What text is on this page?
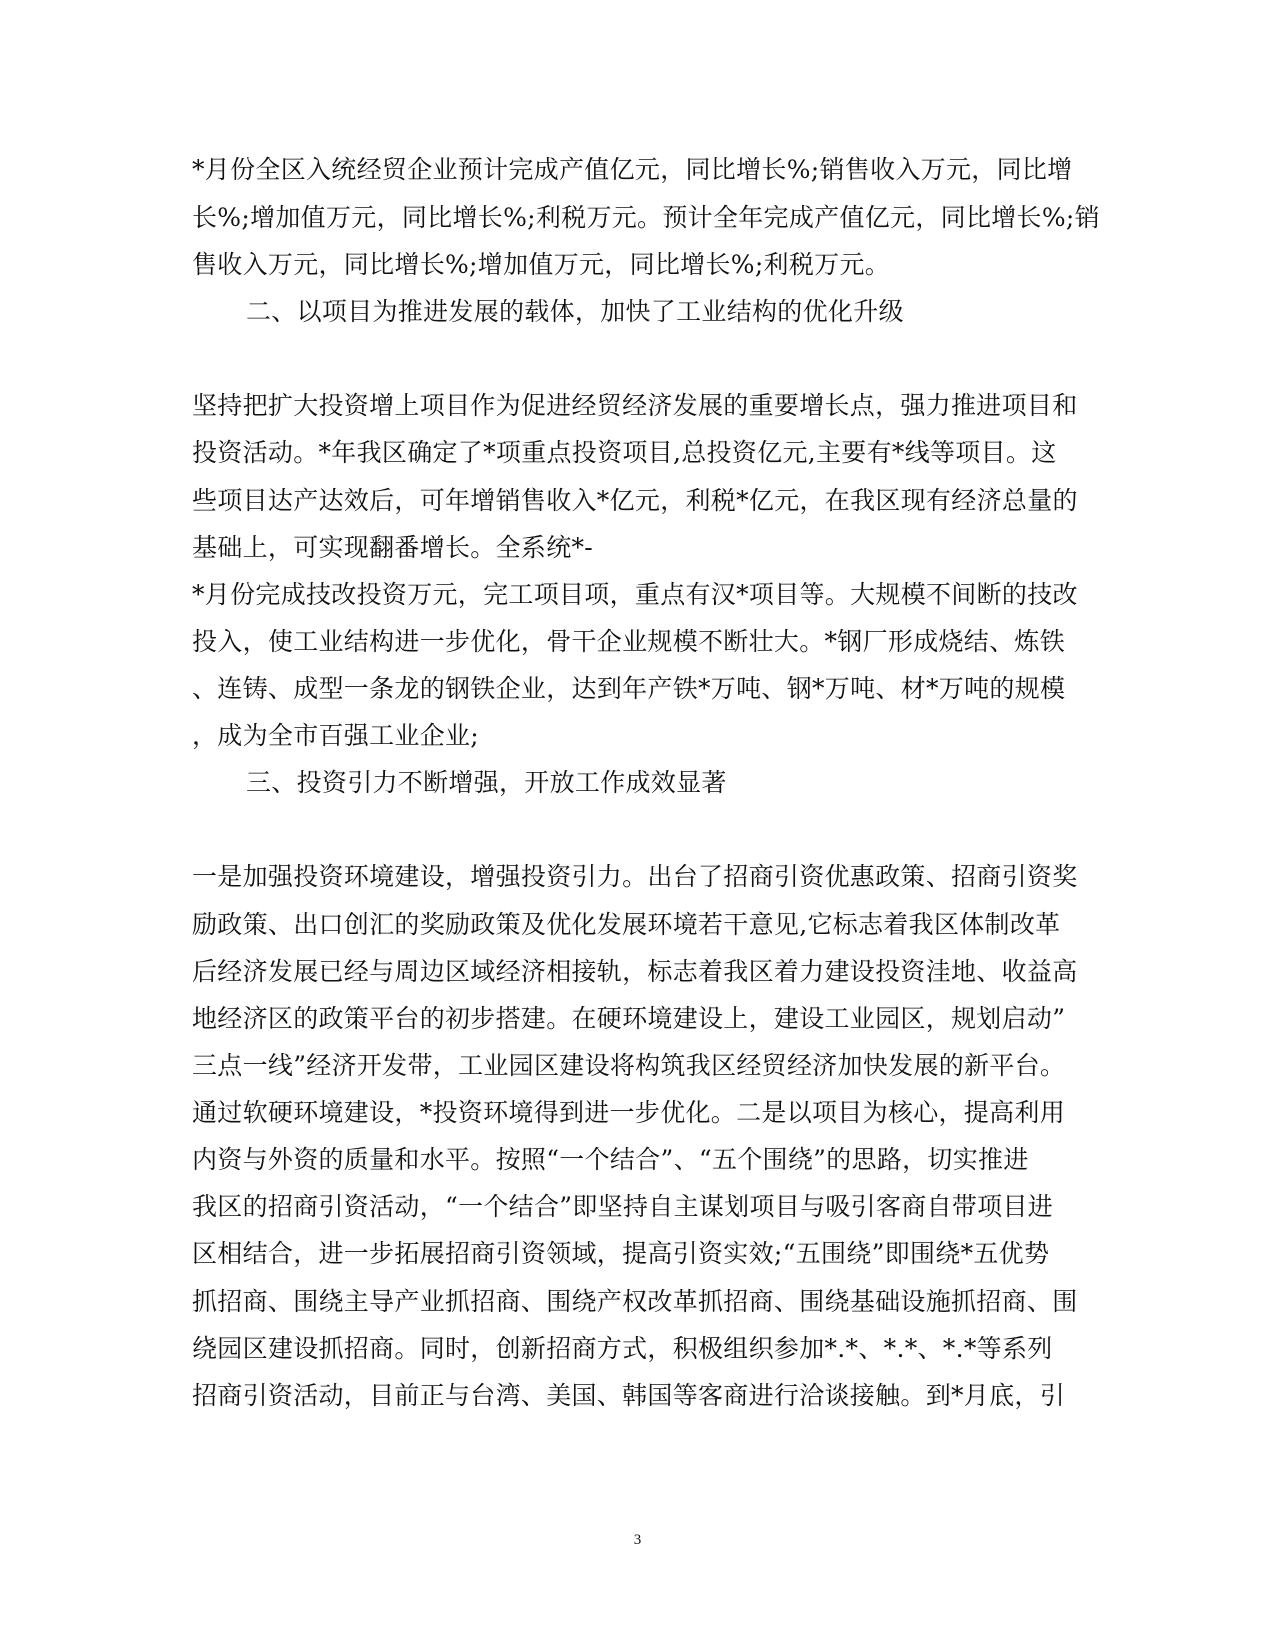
*月份全区入统经贸企业预计完成产值亿元，同比增长%;销售收入万元，同比增
长%;增加值万元，同比增长%;利税万元。预计全年完成产值亿元，同比增长%;销
售收入万元，同比增长%;增加值万元，同比增长%;利税万元。
二、以项目为推进发展的载体，加快了工业结构的优化升级
坚持把扩大投资增上项目作为促进经贸经济发展的重要增长点，强力推进项目和
投资活动。*年我区确定了*项重点投资项目,总投资亿元,主要有*线等项目。这
些项目达产达效后，可年增销售收入*亿元，利税*亿元，在我区现有经济总量的
基础上，可实现翻番增长。全系统*-
*月份完成技改投资万元，完工项目项，重点有汉*项目等。大规模不间断的技改
投入，使工业结构进一步优化，骨干企业规模不断壮大。*钢厂形成烧结、炼铁
、连铸、成型一条龙的钢铁企业，达到年产铁*万吨、钢*万吨、材*万吨的规模
，成为全市百强工业企业;
三、投资引力不断增强，开放工作成效显著
一是加强投资环境建设，增强投资引力。出台了招商引资优惠政策、招商引资奖
励政策、出口创汇的奖励政策及优化发展环境若干意见,它标志着我区体制改革
后经济发展已经与周边区域经济相接轨，标志着我区着力建设投资洼地、收益高
地经济区的政策平台的初步搭建。在硬环境建设上，建设工业园区，规划启动”
三点一线”经济开发带，工业园区建设将构筑我区经贸经济加快发展的新平台。
通过软硬环境建设，*投资环境得到进一步优化。二是以项目为核心，提高利用
内资与外资的质量和水平。按照“一个结合”、“五个围绕”的思路，切实推进
我区的招商引资活动，“一个结合”即坚持自主谋划项目与吸引客商自带项目进
区相结合，进一步拓展招商引资领域，提高引资实效;“五围绕”即围绕*五优势
抓招商、围绕主导产业抓招商、围绕产权改革抓招商、围绕基础设施抓招商、围
绕园区建设抓招商。同时，创新招商方式，积极组织参加*.*、*.*、*.*等系列
招商引资活动，目前正与台湾、美国、韩国等客商进行洽谈接触。到*月底，引
3
